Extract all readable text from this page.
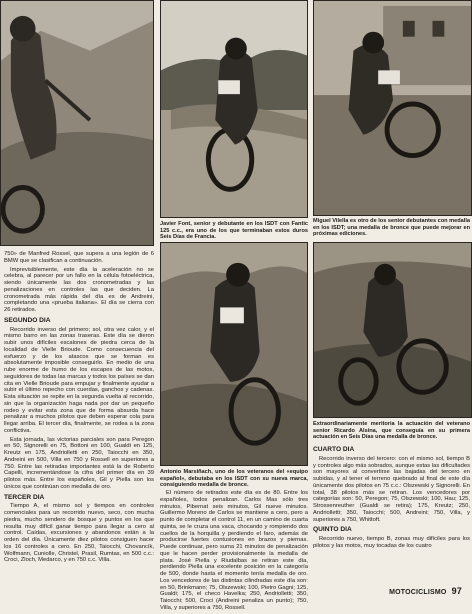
Javier Font, senior y debutante en los ISDT con Fantic 125 c.c., era uno de los que terminaban estos duros Seis Días de Francia.
Miguel Vilella es otro de los senior debutantes con medalla en los ISDT; una medalla de bronce que puede mejorar en próximas ediciones.
Antonio Marsiñach, uno de los veteranos del «equipo español», debutaba en los ISDT con su nueva marca, consiguiendo medalla de bronce.
Extraordinariamente meritoria la actuación del veterano senior Ricardo Alsina, que conseguía en su primera actuación en Seis Días una medalla de bronce.

750» de Manfred Rossel, que supera a una legión de 6 BMW que se clasifican a continuación.

Imprevisiblemente, este día la aceleración no se celebra, al parecer por un fallo en la célula fotoeléctrica, siendo únicamente las dos cronometradas y las penalizaciones en controles las que deciden. La cronometrada más rápida del día es de Andreini, completando una «prueba italiana». El día se cierra con 26 retirados.

SEGUNDO DIA

Recorrido inverso del primero; sol, otra vez calor, y el mismo barro en las zonas traseras. Este día se dieron subir unos difíciles escalones de piedra cerca de la localidad de Vielle Brioude. Como consecuencia del esfuerzo y de los atascos que se forman es absolutamente imposible conseguirlo. En medio de una rube enorme de humo de los escapes de las motos, seguidores de todas las marcas y todos los países se dan cita en Vielle Brioude para empujar y finalmente ayudar a subir el último repecho con cuerdas, ganchos y cadenas. Esta situación se repite en la segunda vuelta al recorrido, sin que la organización haga nada por dar un pequeño rodeo y evitar esta zona que de forma absurda hace penalizar a muchos pilotos que deben esperar cola para llegar arriba. El tercer día, finalmente, se rodea a la zona conflictiva.

Esta jornada, las victorias parciales son para Peregon en 50, Signorelli en 75, Bottoni en 100, Gualdi en 125, Kreutz en 175, Andriolletti en 250, Taiocchi en 350, Andreini en 500, Villa en 750 y Rossell en superiores a 750. Entre las retiradas importantes está la de Roberto Capelli, incrementándose la cifra del primer día en 39 pilotos más. Entre los españoles, Gil y Piella son los únicos que continúan con medalla de oro.

TERCER DIA

Tiempo A, el mismo sol y tiempos en controles comenciales para un recorrido nuevo, seco, con mucha piedra, mucho sendero de bosque y puntos en los que resulta muy difícil ganar tiempo para llegar a cero al control. Caídas, excursiones y abandonos están a la orden del día. Únicamente diez pilotos consiguen hacer los 16 controles a cero. En 250, Taiocchi, Chovancík, Wolfmann, Cuniolle, Christel, Prasil, Rumtas, en 500 c.c.: Croci, Zloch, Medarco, y en 750 c.c. Villa.

El número de retirados este día es de 80. Entre los españoles, todos penalizan. Carlos Mas sólo tres minutos, Pibernat seis minutos, Gil nueve minutos. Guillermo Moreno de Carlos se mantiene a cero, pero a punto de completar el control 11, en un camino de cuarta quinta, se le cruza una vaca, chocando y rompiendo dos cuellos de la horquilla y perdiendo el faro, además de producirse fuertes contusiones en brazos y piernas. Puede continuar, pero suma 21 minutos de penalización que le hacen perder provisionalmente la medalla de plata. José Piella y Riudalbas se retiran este día, perdiendo Piella una excelente posición en la categoría de 500, donde hasta el momento tenía medalla de oro. Los vencedores de las distintas cilindradas este día son: en 50, Brinkmann; 75, Olszewski; 100, Pietro Gagni; 125, Gualdi; 175, el checo Havelka; 250, Andriolletti; 350, Taiocchi; 500, Croci (Andreini penaliza un punto); 750, Villa, y superiores a 750, Rossell.

CUARTO DIA

Recorrido inverso del tercero: con el mismo sol, tiempo B y controles algo más sobrados, aunque estas las dificultades son mayores al convertirse las bajadas del tercero en subidas, y al tener el terreno quebrado al final de este día únicamente dos pilotos en 75 c.c.: Olszewski y Signorelli. En total, 38 pilotos más se retiran. Los vencedores por categorías son: 50, Peregon; 75, Olszewski; 100, Hau; 125, Strossenreuther (Gualdi se retira); 175, Kreutz; 250, Andriolletti; 350, Taiocchi; 500, Andreini; 750, Villa, y superiores a 750, Whittoft.

QUINTO DIA

Recorrido nuevo, tiempo B, zonas muy difíciles para los pilotos y las motos, muy tocadas de los cuatro

MOTOCICLISMO 97
